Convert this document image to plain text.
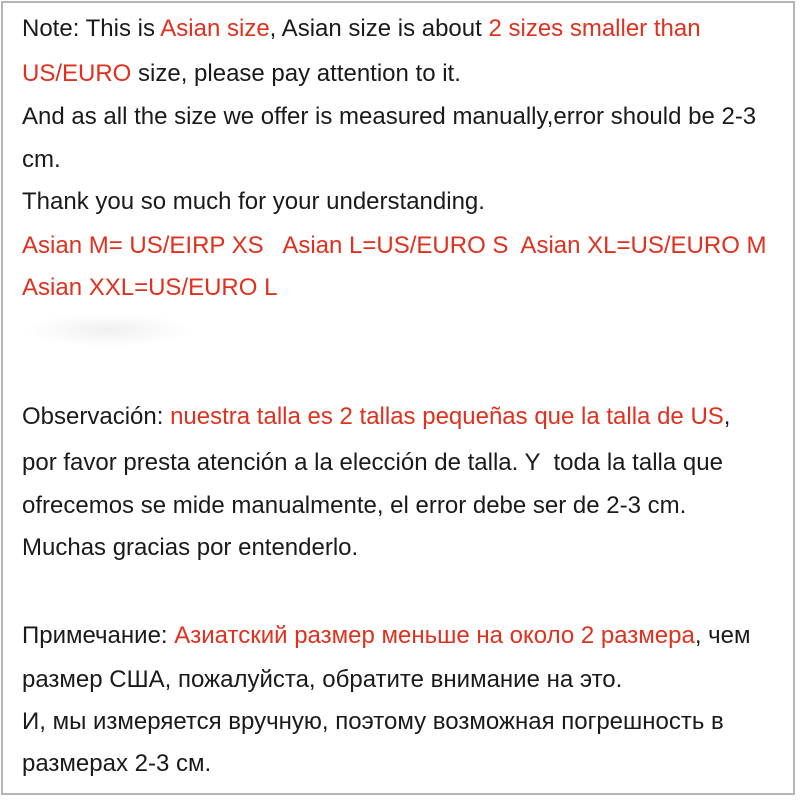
Note: This is Asian size, Asian size is about 2 sizes smaller than

US/EURO size, please pay attention to it.

And as all the size we offer is measured manually,error should be 2-3

cm.

Thank you so much for your understanding.

Asian M= US/EIRP XS   Asian L=US/EURO S  Asian XL=US/EURO M

Asian XXL=US/EURO L

Observación: nuestra talla es 2 tallas pequeñas que la talla de US,

por favor presta atención a la elección de talla. Y  toda la talla que

ofrecemos se mide manualmente, el error debe ser de 2-3 cm.

Muchas gracias por entenderlo.

Примечание: Азиатский размер меньше на около 2 размера, чем

размер США, пожалуйста, обратите внимание на это.

И, мы измеряется вручную, поэтому возможная погрешность в

размерах 2-3 см.
